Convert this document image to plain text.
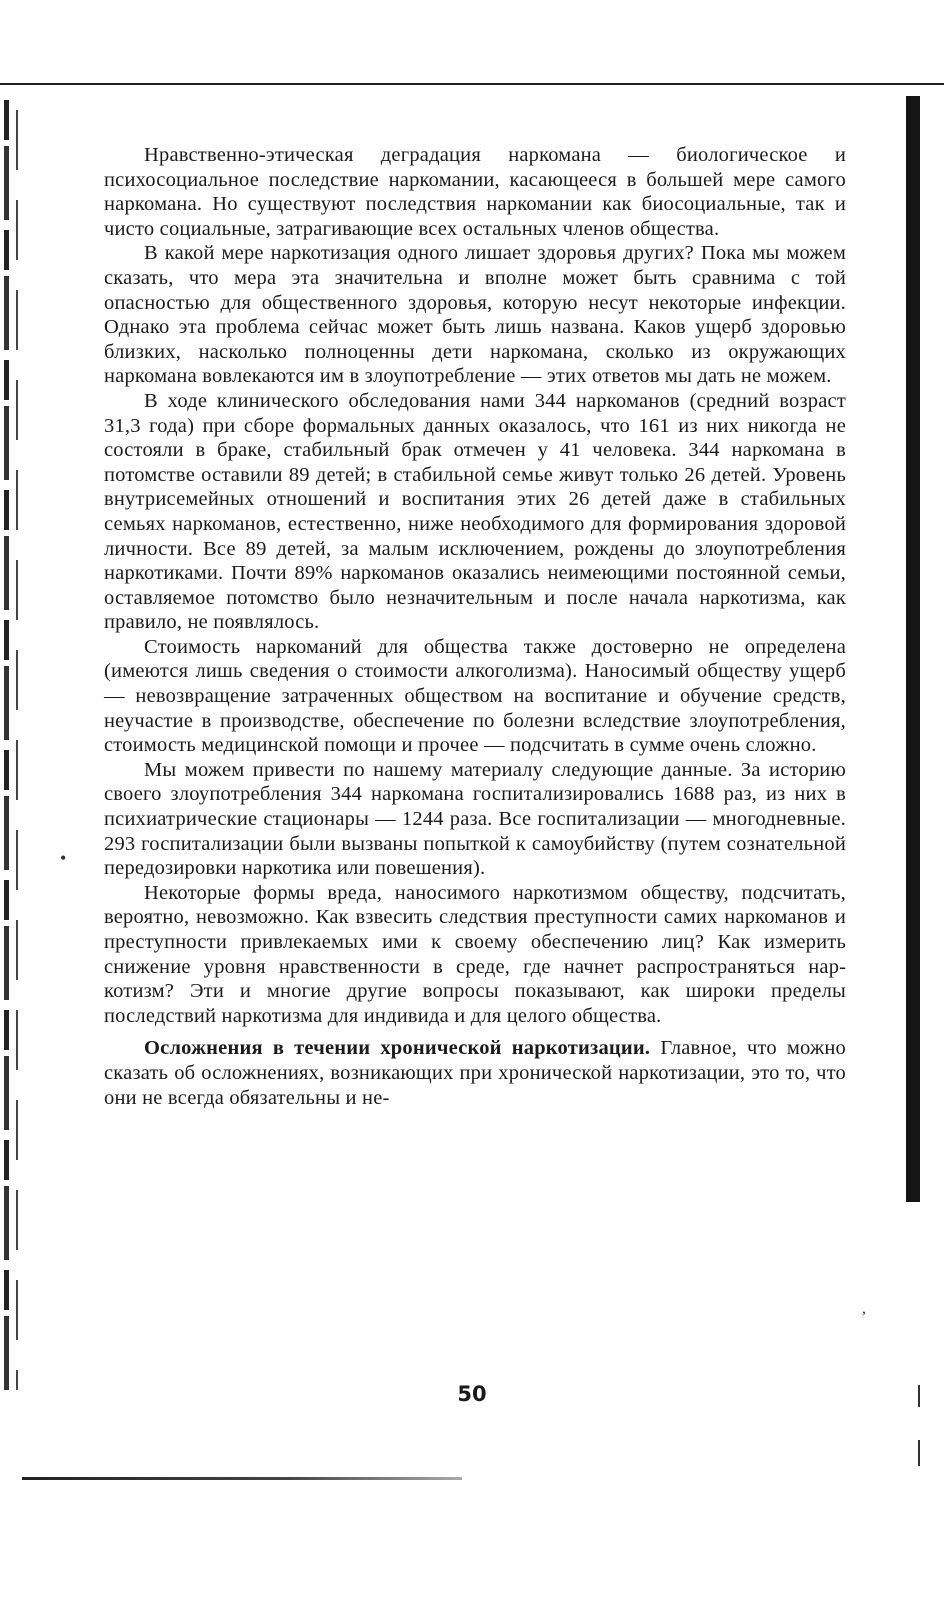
•
,

Нравственно-этическая деградация наркомана — биологическое и психосоциальное последствие наркомании, касающееся в большей мере самого наркомана. Но существуют последствия наркомании как биосоциальные, так и чисто социальные, затрагивающие всех остальных членов общества.

В какой мере наркотизация одного лишает здоровья других? Пока мы можем сказать, что мера эта значительна и вполне может быть сравнима с той опасностью для общественного здоровья, которую несут некоторые инфекции. Однако эта проблема сейчас может быть лишь названа. Каков ущерб здоровью близких, насколько полноценны дети наркомана, сколько из окружающих наркомана вовлекаются им в злоупотребление — этих ответов мы дать не можем.

В ходе клинического обследования нами 344 наркоманов (средний возраст 31,3 года) при сборе формальных данных оказалось, что 161 из них никогда не состояли в браке, стабильный брак отмечен у 41 человека. 344 наркомана в потомстве оставили 89 детей; в стабильной семье живут только 26 детей. Уровень внутрисемейных отношений и воспитания этих 26 детей даже в стабильных семьях наркоманов, естественно, ниже необходимого для формирования здоровой личности. Все 89 детей, за малым исключением, рождены до злоупотребления наркотиками. Почти 89% наркоманов оказались неимеющими постоянной семьи, оставляемое потомство было незначительным и после начала наркотизма, как правило, не появлялось.

Стоимость наркоманий для общества также достоверно не определена (имеются лишь сведения о стоимости алкоголизма). Наносимый обществу ущерб — невозвращение затраченных обществом на воспитание и обучение средств, неучастие в производстве, обеспечение по болезни вследствие злоупотребления, стоимость медицинской помощи и прочее — подсчитать в сумме очень сложно.

Мы можем привести по нашему материалу следующие данные. За историю своего злоупотребления 344 наркомана госпитализировались 1688 раз, из них в психиатрические стационары — 1244 раза. Все госпитализации — многодневные. 293 госпитализации были вызваны попыткой к самоубийству (путем сознательной передозировки наркотика или повешения).

Некоторые формы вреда, наносимого наркотизмом обществу, подсчитать, вероятно, невозможно. Как взвесить следствия преступности самих наркоманов и преступности привлекаемых ими к своему обеспечению лиц? Как измерить снижение уровня нравственности в среде, где начнет распространяться наркотизм? Эти и многие другие вопросы показывают, как широки пределы последствий наркотизма для индивида и для целого общества.

Осложнения в течении хронической наркотизации. Главное, что можно сказать об осложнениях, возникающих при хронической наркотизации, это то, что они не всегда обязательны и не-

50
